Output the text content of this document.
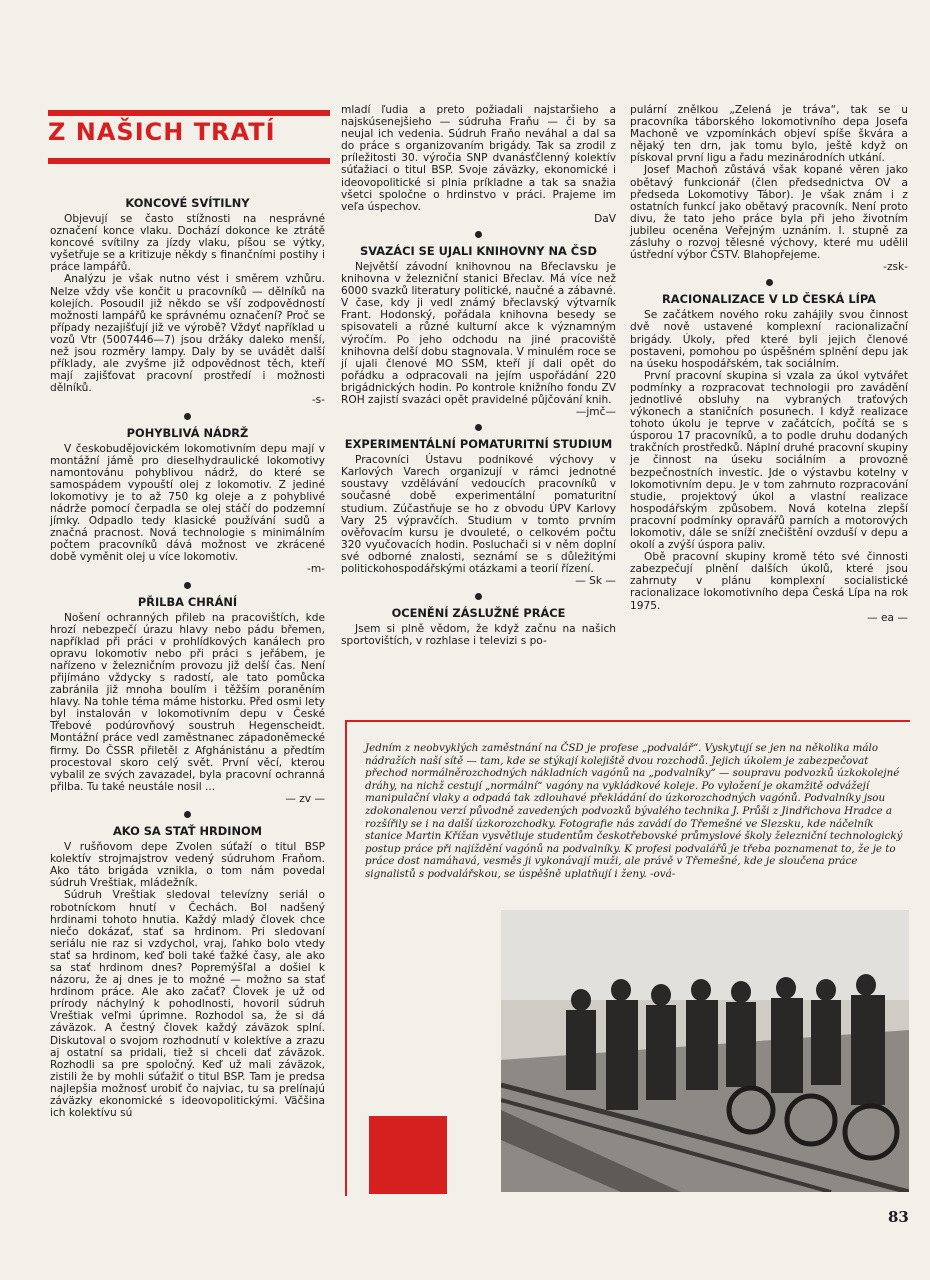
Z NAŠICH TRATÍ
KONCOVÉ SVÍTILNY

Objevují se často stížnosti na nesprávné označení konce vlaku. Dochází dokonce ke ztrátě koncové svítilny za jízdy vlaku, píšou se výtky, vyšetřuje se a kritizuje někdy s finančními postihy i práce lampářů.

Analýzu je však nutno vést i směrem vzhůru. Nelze vždy vše končit u pracovníků — dělníků na kolejích. Posoudil již někdo se vší zodpovědností možnosti lampářů ke správnému označení? Proč se případy nezajišťují již ve výrobě? Vždyť například u vozů Vtr (5007446—7) jsou držáky daleko menší, než jsou rozměry lampy. Daly by se uvádět další příklady, ale zvyšme již odpovědnost těch, kteří mají zajišťovat pracovní prostředí i možnosti dělníků.

-s-
POHYBLIVÁ NÁDRŽ

V českobudějovickém lokomotivním depu mají v montážní jámě pro dieselhydraulické lokomotivy namontovánu pohyblivou nádrž, do které se samospádem vypouští olej z lokomotiv. Z jediné lokomotivy je to až 750 kg oleje a z pohyblivé nádrže pomocí čerpadla se olej stáčí do podzemní jímky. Odpadlo tedy klasické používání sudů a značná pracnost. Nová technologie s minimálním počtem pracovníků dává možnost ve zkrácené době vyměnit olej u více lokomotiv.

-m-
PŘILBA CHRÁNÍ

Nošení ochranných přileb na pracovištích, kde hrozí nebezpečí úrazu hlavy nebo pádu břemen, například při práci v prohlídkových kanálech pro opravu lokomotiv nebo při práci s jeřábem, je nařízeno v železničním provozu již delší čas. Není přijímáno vždycky s radostí, ale tato pomůcka zabránila již mnoha boulím i těžším poraněním hlavy. Na tohle téma máme historku. Před osmi lety byl instalován v lokomotivním depu v České Třebové podúrovňový soustruh Hegenscheidt. Montážní práce vedl zaměstnanec západoněmecké firmy. Do ČSSR přiletěl z Afghánistánu a předtím procestoval skoro celý svět. První věcí, kterou vybalil ze svých zavazadel, byla pracovní ochranná přilba. Tu také neustále nosil ...

— zv —
AKO SA STAŤ HRDINOM

V rušňovom depe Zvolen súťaží o titul BSP kolektív strojmajstrov vedený súdruhom Fraňom. Ako táto brigáda vznikla, o tom nám povedal súdruh Vreštiak, mládežník.

Súdruh Vreštiak sledoval televízny seriál o robotníckom hnutí v Čechách. Bol nadšený hrdinami tohoto hnutia. Každý mladý človek chce niečo dokázať, stať sa hrdinom. Pri sledovaní seriálu nie raz si vzdychol, vraj, ľahko bolo vtedy stať sa hrdinom, keď boli také ťažké časy, ale ako sa stať hrdinom dnes? Popremýšľal a došiel k názoru, že aj dnes je to možné — možno sa stať hrdinom práce. Ale ako začať? Človek je už od prírody náchylný k pohodlnosti, hovoril súdruh Vreštiak veľmi úprimne. Rozhodol sa, že si dá záväzok. A čestný človek každý záväzok splní. Diskutoval o svojom rozhodnutí v kolektíve a zrazu aj ostatní sa pridali, tiež si chceli dať záväzok. Rozhodli sa pre spoločný. Keď už mali záväzok, zistili že by mohli súťažiť o titul BSP. Tam je predsa najlepšia možnosť urobiť čo najviac, tu sa prelínajú záväzky ekonomické s ideovopolitickými. Väčšina ich kolektívu sú

mladí ľudia a preto požiadali najstaršieho a najskúsenejšieho — súdruha Fraňu — či by sa neujal ich vedenia. Súdruh Fraňo neváhal a dal sa do práce s organizovaním brigády. Tak sa zrodil z príležitosti 30. výročia SNP dvanásťčlenný kolektív súťažiaci o titul BSP. Svoje záväzky, ekonomické i ideovopolitické si plnia príkladne a tak sa snažia všetci spoločne o hrdinstvo v práci. Prajeme im veľa úspechov.

DaV
SVAZÁCI SE UJALI KNIHOVNY NA ČSD

Největší závodní knihovnou na Břeclavsku je knihovna v železniční stanici Břeclav. Má více než 6000 svazků literatury politické, naučné a zábavné. V čase, kdy ji vedl známý břeclavský výtvarník Frant. Hodonský, pořádala knihovna besedy se spisovateli a různé kulturní akce k významným výročím. Po jeho odchodu na jiné pracoviště knihovna delší dobu stagnovala. V minulém roce se jí ujali členové MO SSM, kteří jí dali opět do pořádku a odpracovali na jejím uspořádání 220 brigádnických hodin. Po kontrole knižního fondu ZV ROH zajistí svazáci opět pravidelné půjčování knih.

—jmč—
EXPERIMENTÁLNÍ POMATURITNÍ STUDIUM

Pracovníci Ústavu podnikové výchovy v Karlových Varech organizují v rámci jednotné soustavy vzdělávání vedoucích pracovníků v současné době experimentální pomaturitní studium. Zúčastňuje se ho z obvodu ÚPV Karlovy Vary 25 výpravčích. Studium v tomto prvním ověřovacím kursu je dvouleté, o celkovém počtu 320 vyučovacích hodin. Posluchači si v něm doplní své odborné znalosti, seznámí se s důležitými politickohospodářskými otázkami a teorií řízení.

— Sk —
OCENĚNÍ ZÁSLUŽNÉ PRÁCE

Jsem si plně vědom, že když začnu na našich sportovištích, v rozhlase i televizi s po-

pulární znělkou „Zelená je tráva“, tak se u pracovníka táborského lokomotivního depa Josefa Machoně ve vzpomínkách objeví spíše škvára a nějaký ten drn, jak tomu bylo, ještě když on pískoval první ligu a řadu mezinárodních utkání.

Josef Machoň zůstává však kopané věren jako obětavý funkcionář (člen předsednictva OV a předseda Lokomotivy Tábor). Je však znám i z ostatních funkcí jako obětavý pracovník. Není proto divu, že tato jeho práce byla při jeho životním jubileu oceněna Veřejným uznáním. I. stupně za zásluhy o rozvoj tělesné výchovy, které mu udělil ústřední výbor ČSTV. Blahopřejeme.

-zsk-
RACIONALIZACE V LD ČESKÁ LÍPA

Se začátkem nového roku zahájily svou činnost dvě nově ustavené komplexní racionalizační brigády. Úkoly, před které byli jejich členové postaveni, pomohou po úspěšném splnění depu jak na úseku hospodářském, tak sociálním.

První pracovní skupina si vzala za úkol vytvářet podmínky a rozpracovat technologii pro zavádění jednotlivé obsluhy na vybraných traťových výkonech a staničních posunech. I když realizace tohoto úkolu je teprve v začátcích, počítá se s úsporou 17 pracovníků, a to podle druhu dodaných trakčních prostředků. Náplní druhé pracovní skupiny je činnost na úseku sociálním a provozně bezpečnostních investic. Jde o výstavbu kotelny v lokomotivním depu. Je v tom zahrnuto rozpracování studie, projektový úkol a vlastní realizace hospodářským způsobem. Nová kotelna zlepší pracovní podmínky opravářů parních a motorových lokomotiv, dále se sníží znečištění ovzduší v depu a okolí a zvýší úspora paliv.

Obě pracovní skupiny kromě této své činnosti zabezpečují plnění dalších úkolů, které jsou zahrnuty v plánu komplexní socialistické racionalizace lokomotivního depa Česká Lípa na rok 1975.

— ea —
Jedním z neobvyklých zaměstnání na ČSD je profese „podvalář“. Vyskytují se jen na několika málo nádražích naší sítě — tam, kde se stýkají kolejiště dvou rozchodů. Jejich úkolem je zabezpečovat přechod normálněrozchodných nákladních vagónů na „podvalníky“ — soupravu podvozků úzkokolejné dráhy, na nichž cestují „normální“ vagóny na vykládkové koleje. Po vyložení je okamžitě odvážejí manipulační vlaky a odpadá tak zdlouhavé překládání do úzkorozchodných vagónů. Podvalníky jsou zdokonalenou verzí původně zavedených podvozků bývalého technika J. Průši z Jindřichova Hradce a rozšířily se i na další úzkorozchodky. Fotografie nás zavádí do Třemešné ve Slezsku, kde náčelník stanice Martin Křížan vysvětluje studentům českotřebovské průmyslové školy železniční technologický postup práce při najíždění vagónů na podvalníky. K profesi podvalářů je třeba poznamenat to, že je to práce dost namáhavá, vesměs ji vykonávají muži, ale právě v Třemešné, kde je sloučena práce signalistů s podvalářskou, se úspěšně uplatňují i ženy. -ová-
83
